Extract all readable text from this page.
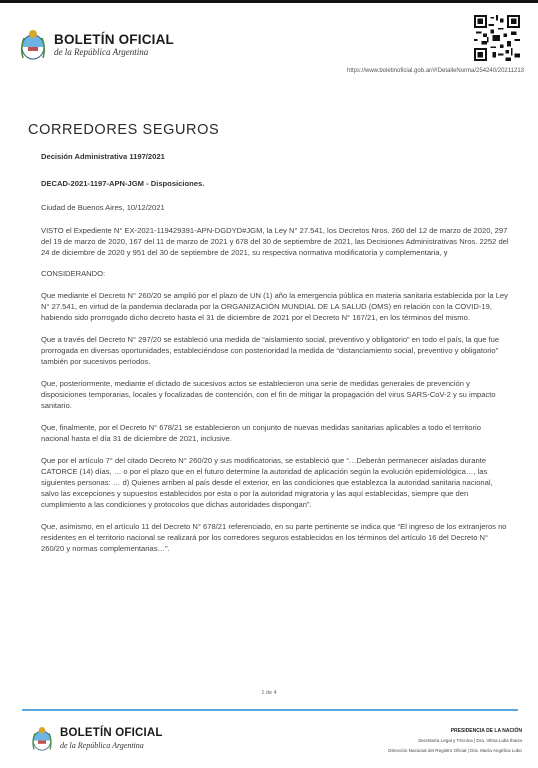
BOLETÍN OFICIAL
de la República Argentina
https://www.boletinoficial.gob.ar/#!DetalleNorma/254240/20211213
CORREDORES SEGUROS

Decisión Administrativa 1197/2021

DECAD-2021-1197-APN-JGM - Disposiciones.

Ciudad de Buenos Aires, 10/12/2021

VISTO el Expediente N° EX-2021-119429391-APN-DGDYD#JGM, la Ley N° 27.541, los Decretos Nros. 260 del 12 de marzo de 2020, 297 del 19 de marzo de 2020, 167 del 11 de marzo de 2021 y 678 del 30 de septiembre de 2021, las Decisiones Administrativas Nros. 2252 del 24 de diciembre de 2020 y 951 del 30 de septiembre de 2021, su respectiva normativa modificatoria y complementaria, y

CONSIDERANDO:

Que mediante el Decreto N° 260/20 se amplió por el plazo de UN (1) año la emergencia pública en materia sanitaria establecida por la Ley N° 27.541, en virtud de la pandemia declarada por la ORGANIZACIÓN MUNDIAL DE LA SALUD (OMS) en relación con la COVID-19, habiendo sido prorrogado dicho decreto hasta el 31 de diciembre de 2021 por el Decreto N° 167/21, en los términos del mismo.

Que a través del Decreto N° 297/20 se estableció una medida de “aislamiento social, preventivo y obligatorio” en todo el país, la que fue prorrogada en diversas oportunidades, estableciéndose con posterioridad la medida de “distanciamiento social, preventivo y obligatorio” también por sucesivos períodos.

Que, posteriormente, mediante el dictado de sucesivos actos se establecieron una serie de medidas generales de prevención y disposiciones temporarias, locales y focalizadas de contención, con el fin de mitigar la propagación del virus SARS-CoV-2 y su impacto sanitario.

Que, finalmente, por el Decreto N° 678/21 se establecieron un conjunto de nuevas medidas sanitarias aplicables a todo el territorio nacional hasta el día 31 de diciembre de 2021, inclusive.

Que por el artículo 7° del citado Decreto N° 260/20 y sus modificatorias, se estableció que “…Deberán permanecer aisladas durante CATORCE (14) días, … o por el plazo que en el futuro determine la autoridad de aplicación según la evolución epidemiológica…, las siguientes personas: … d) Quienes arriben al país desde el exterior, en las condiciones que establezca la autoridad sanitaria nacional, salvo las excepciones y supuestos establecidos por esta o por la autoridad migratoria y las aquí establecidas, siempre que den cumplimiento a las condiciones y protocolos que dichas autoridades dispongan”.

Que, asimismo, en el artículo 11 del Decreto N° 678/21 referenciado, en su parte pertinente se indica que “El ingreso de los extranjeros no residentes en el territorio nacional se realizará por los corredores seguros establecidos en los términos del artículo 16 del Decreto N° 260/20 y normas complementarias…”.

1 de 4
BOLETÍN OFICIAL
de la República Argentina
PRESIDENCIA DE LA NACIÓN
Secretaría Legal y Técnica | Dra. Vilma Lidia Ibarra
Dirección Nacional del Registro Oficial | Dra. María Angélica Lobo
